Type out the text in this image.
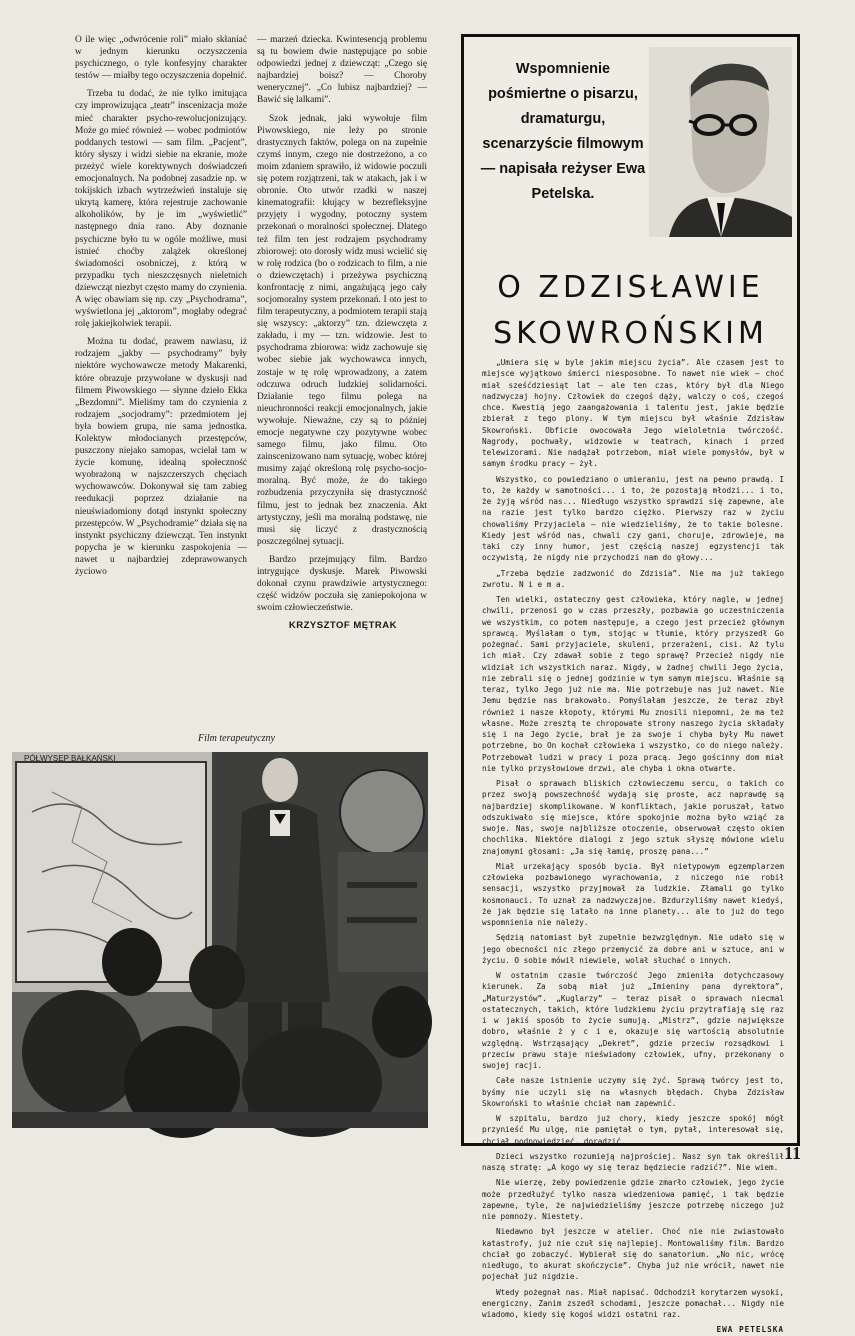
O ile więc „odwrócenie roli” miało skłaniać w jednym kierunku oczyszczenia psychicznego, o tyle konfesyjny charakter testów — miałby tego oczyszczenia dopełnić.

Trzeba tu dodać, że nie tylko imitująca czy improwizująca „teatr” inscenizacja może mieć charakter psycho-rewolucjonizujący. Może go mieć również — wobec podmiotów poddanych testowi — sam film. „Pacjent”, który słyszy i widzi siebie na ekranie, może przeżyć wiele korektywnych doświadczeń emocjonalnych. Na podobnej zasadzie np. w tokijskich izbach wytrzeźwień instaluje się ukrytą kamerę, która rejestruje zachowanie alkoholików, by je im „wyświetlić” następnego dnia rano. Aby doznanie psychiczne było tu w ogóle możliwe, musi istnieć choćby zalążek określonej świadomości osobniczej, z którą w przypadku tych nieszczęsnych nieletnich dziewcząt niezbyt często mamy do czynienia. A więc obawiam się np. czy „Psychodrama”, wyświetlona jej „aktorom”, mogłaby odegrać rolę jakiejkolwiek terapii.

Można tu dodać, prawem nawiasu, iż rodzajem „jakby — psychodramy” były niektóre wychowawcze metody Makarenki, które obrazuje przywołane w dyskusji nad filmem Piwowskiego — słynne dzieło Ekka „Bezdomni”. Mieliśmy tam do czynienia z rodzajem „socjodramy”: przedmiotem jej była bowiem grupa, nie sama jednostka. Kolektyw młodocianych przestępców, puszczony niejako samopas, wcielał tam w życie komunę, idealną społeczność wyobrażoną w najszczerszych chęciach wychowawców. Dokonywał się tam zabieg reedukacji poprzez działanie na nieuświadomiony dotąd instynkt społeczny przestępców. W „Psychodramie” działa się na instynkt psychiczny dziewcząt. Ten instynkt popycha je w kierunku zaspokojenia — nawet u najbardziej zdeprawowanych życiowo

— marzeń dziecka. Kwintesencją problemu są tu bowiem dwie następujące po sobie odpowiedzi jednej z dziewcząt: „Czego się najbardziej boisz? — Choroby wenerycznej”. „Co lubisz najbardziej? — Bawić się lalkami”.

Szok jednak, jaki wywołuje film Piwowskiego, nie leży po stronie drastycznych faktów, polega on na zupełnie czymś innym, czego nie dostrzeżono, a co moim zdaniem sprawiło, iż widowie poczuli się potem rozjątrzeni, tak w atakach, jak i w obronie. Oto utwór rzadki w naszej kinematografii: kłujący w bezrefleksyjne przyjęty i wygodny, potoczny system przekonań o moralności społecznej. Dlatego też film ten jest rodzajem psychodramy zbiorowej: oto dorosły widz musi wcielić się w rolę rodzica (bo o rodzicach to film, a nie o dziewczętach) i przeżywa psychiczną konfrontację z nimi, angażującą jego cały socjomoralny system przekonań. I oto jest to film terapeutyczny, a podmiotem terapii stają się wszyscy: „aktorzy” tzn. dziewczęta z zakładu, i my — tzn. widzowie. Jest to psychodrama zbiorowa: widz zachowuje się wobec siebie jak wychowawca innych, zostaje w tę rolę wprowadzony, a zatem odczuwa odruch ludzkiej solidarności. Działanie tego filmu polega na nieuchronności reakcji emocjonalnych, jakie wywołuje. Nieważne, czy są to później emocje negatywne czy pozytywne wobec samego filmu, jako filmu. Oto zainscenizowano nam sytuację, wobec której musimy zająć określoną rolę psycho-socjo-moralną. Być może, że do takiego rozbudzenia przyczyniła się drastyczność filmu, jest to jednak bez znaczenia. Akt artystyczny, jeśli ma moralną podstawę, nie musi się liczyć z drastycznością poszczególnej sytuacji.

Bardzo przejmujący film. Bardzo intrygujące dyskusje. Marek Piwowski dokonał czynu prawdziwie artystycznego: część widzów poczuła się zaniepokojona w swoim człowieczeństwie.

KRZYSZTOF MĘTRAK
Film terapeutyczny
PÓŁWYSEP BAŁKAŃSKI
Wspomnienie pośmiertne o pisarzu, dramaturgu, scenarzyście filmowym — napisała reżyser Ewa Petelska.
O ZDZISŁAWIE
SKOWROŃSKIM

„Umiera się w byle jakim miejscu życia”. Ale czasem jest to miejsce wyjątkowo śmierci niesposobne. To nawet nie wiek — choć miał sześćdziesiąt lat — ale ten czas, który był dla Niego nadzwyczaj hojny. Człowiek do czegoś dąży, walczy o coś, czegoś chce. Kwestią jego zaangażowania i talentu jest, jakie będzie zbierał z tego plony. W tym miejscu był właśnie Zdzisław Skowroński. Obficie owocowała Jego wieloletnia twórczość. Nagrody, pochwały, widzowie w teatrach, kinach i przed telewizorami. Nie nadążał potrzebom, miał wiele pomysłów, był w samym środku pracy — żył.

Wszystko, co powiedziano o umieraniu, jest na pewno prawdą. I to, że każdy w samotności... i to, że pozostają młodzi... i to, że żyją wśród nas... Niedługo wszystko sprawdzi się zapewne, ale na razie jest tylko bardzo ciężko. Pierwszy raz w życiu chowaliśmy Przyjaciela — nie wiedzieliśmy, że to takie bolesne. Kiedy jest wśród nas, chwali czy gani, choruje, zdrowieje, ma taki czy inny humor, jest częścią naszej egzystencji tak oczywistą, że nigdy nie przychodzi nam do głowy...

„Trzeba będzie zadzwonić do Zdzisia”. Nie ma już takiego zwrotu. N i e m a.

Ten wielki, ostateczny gest człowieka, który nagle, w jednej chwili, przenosi go w czas przeszły, pozbawia go uczestniczenia we wszystkim, co potem następuje, a czego jest przecież głównym sprawcą. Myślałam o tym, stojąc w tłumie, który przyszedł Go pożegnać. Sami przyjaciele, skuleni, przerażeni, cisi. Aż tylu ich miał. Czy zdawał sobie z tego sprawę? Przecież nigdy nie widział ich wszystkich naraz. Nigdy, w żadnej chwili Jego życia, nie zebrali się o jednej godzinie w tym samym miejscu. Właśnie są teraz, tylko Jego już nie ma. Nie potrzebuje nas już nawet. Nie Jemu będzie nas brakowało. Pomyślałam jeszcze, że teraz zbył również i nasze kłopoty, którymi Mu znosili niepomni, że ma też własne. Może zresztą te chropowate strony naszego życia składały się i na Jego życie, brał je za swoje i chyba były Mu nawet potrzebne, bo On kochał człowieka i wszystko, co do niego należy. Potrzebował ludzi w pracy i poza pracą. Jego gościnny dom miał nie tylko przysłowiowe drzwi, ale chyba i okna otwarte.

Pisał o sprawach bliskich człowieczemu sercu, o takich co przez swoją powszechność wydają się proste, acz naprawdę są najbardziej skomplikowane. W konfliktach, jakie poruszał, łatwo odszukiwało się miejsce, które spokojnie można było wziąć za swoje. Nas, swoje najbliższe otoczenie, obserwował często okiem chochlika. Niektóre dialogi z jego sztuk słyszę mówione wielu znajomymi głosami: „Ja się łamię, proszę pana...”

Miał urzekający sposób bycia. Był nietypowym egzemplarzem człowieka pozbawionego wyrachowania, z niczego nie robił sensacji, wszystko przyjmował za ludzkie. Złamali go tylko kosmonauci. To uznał za nadzwyczajne. Bzdurzyliśmy nawet kiedyś, że jak będzie się latało na inne planety... ale to już do tego wspomnienia nie należy.

Sędzią natomiast był zupełnie bezwzględnym. Nie udało się w jego obecności nic złego przemycić za dobre ani w sztuce, ani w życiu. O sobie mówił niewiele, wolał słuchać o innych.

W ostatnim czasie twórczość Jego zmieniła dotychczasowy kierunek. Za sobą miał już „Imieniny pana dyrektora”, „Maturzystów”. „Kuglarzy” — teraz pisał o sprawach niecmal ostatecznych, takich, które ludzkiemu życiu przytrafiają się raz i w jakiś sposób to życie sumują. „Mistrz”, gdzie największe dobro, właśnie ż y c i e, okazuje się wartością absolutnie względną. Wstrząsający „Dekret”, gdzie przeciw rozsądkowi i przeciw prawu staje nieświadomy człowiek, ufny, przekonany o swojej racji.

Całe nasze istnienie uczymy się żyć. Sprawą twórcy jest to, byśmy nie uczyli się na własnych błędach. Chyba Zdzisław Skowroński to właśnie chciał nam zapewnić.

W szpitalu, bardzo już chory, kiedy jeszcze spokój mógł przynieść Mu ulgę, nie pamiętał o tym, pytał, interesował się, chciał podpowiedzieć, doradzić.

Dzieci wszystko rozumieją najprościej. Nasz syn tak określił naszą stratę: „A kogo wy się teraz będziecie radzić?”. Nie wiem.

Nie wierzę, żeby powiedzenie gdzie zmarło człowiek, jego życie może przedłużyć tylko nasza wiedzeniowa pamięć, i tak będzie zapewne, tyle, że najwiedzieliśmy jeszcze potrzebę niczego już nie pomnoży. Niestety.

Niedawno był jeszcze w atelier. Choć nie nie zwiastowało katastrofy, już nie czuł się najlepiej. Montowaliśmy film. Bardzo chciał go zobaczyć. Wybierał się do sanatorium. „No nic, wrócę niedługo, to akurat skończycie”. Chyba już nie wrócił, nawet nie pojechał już nigdzie.

Wtedy pożegnał nas. Miał napisać. Odchodził korytarzem wysoki, energiczny. Zanim zszedł schodami, jeszcze pomachał... Nigdy nie wiadomo, kiedy się kogoś widzi ostatni raz.

EWA PETELSKA
11
